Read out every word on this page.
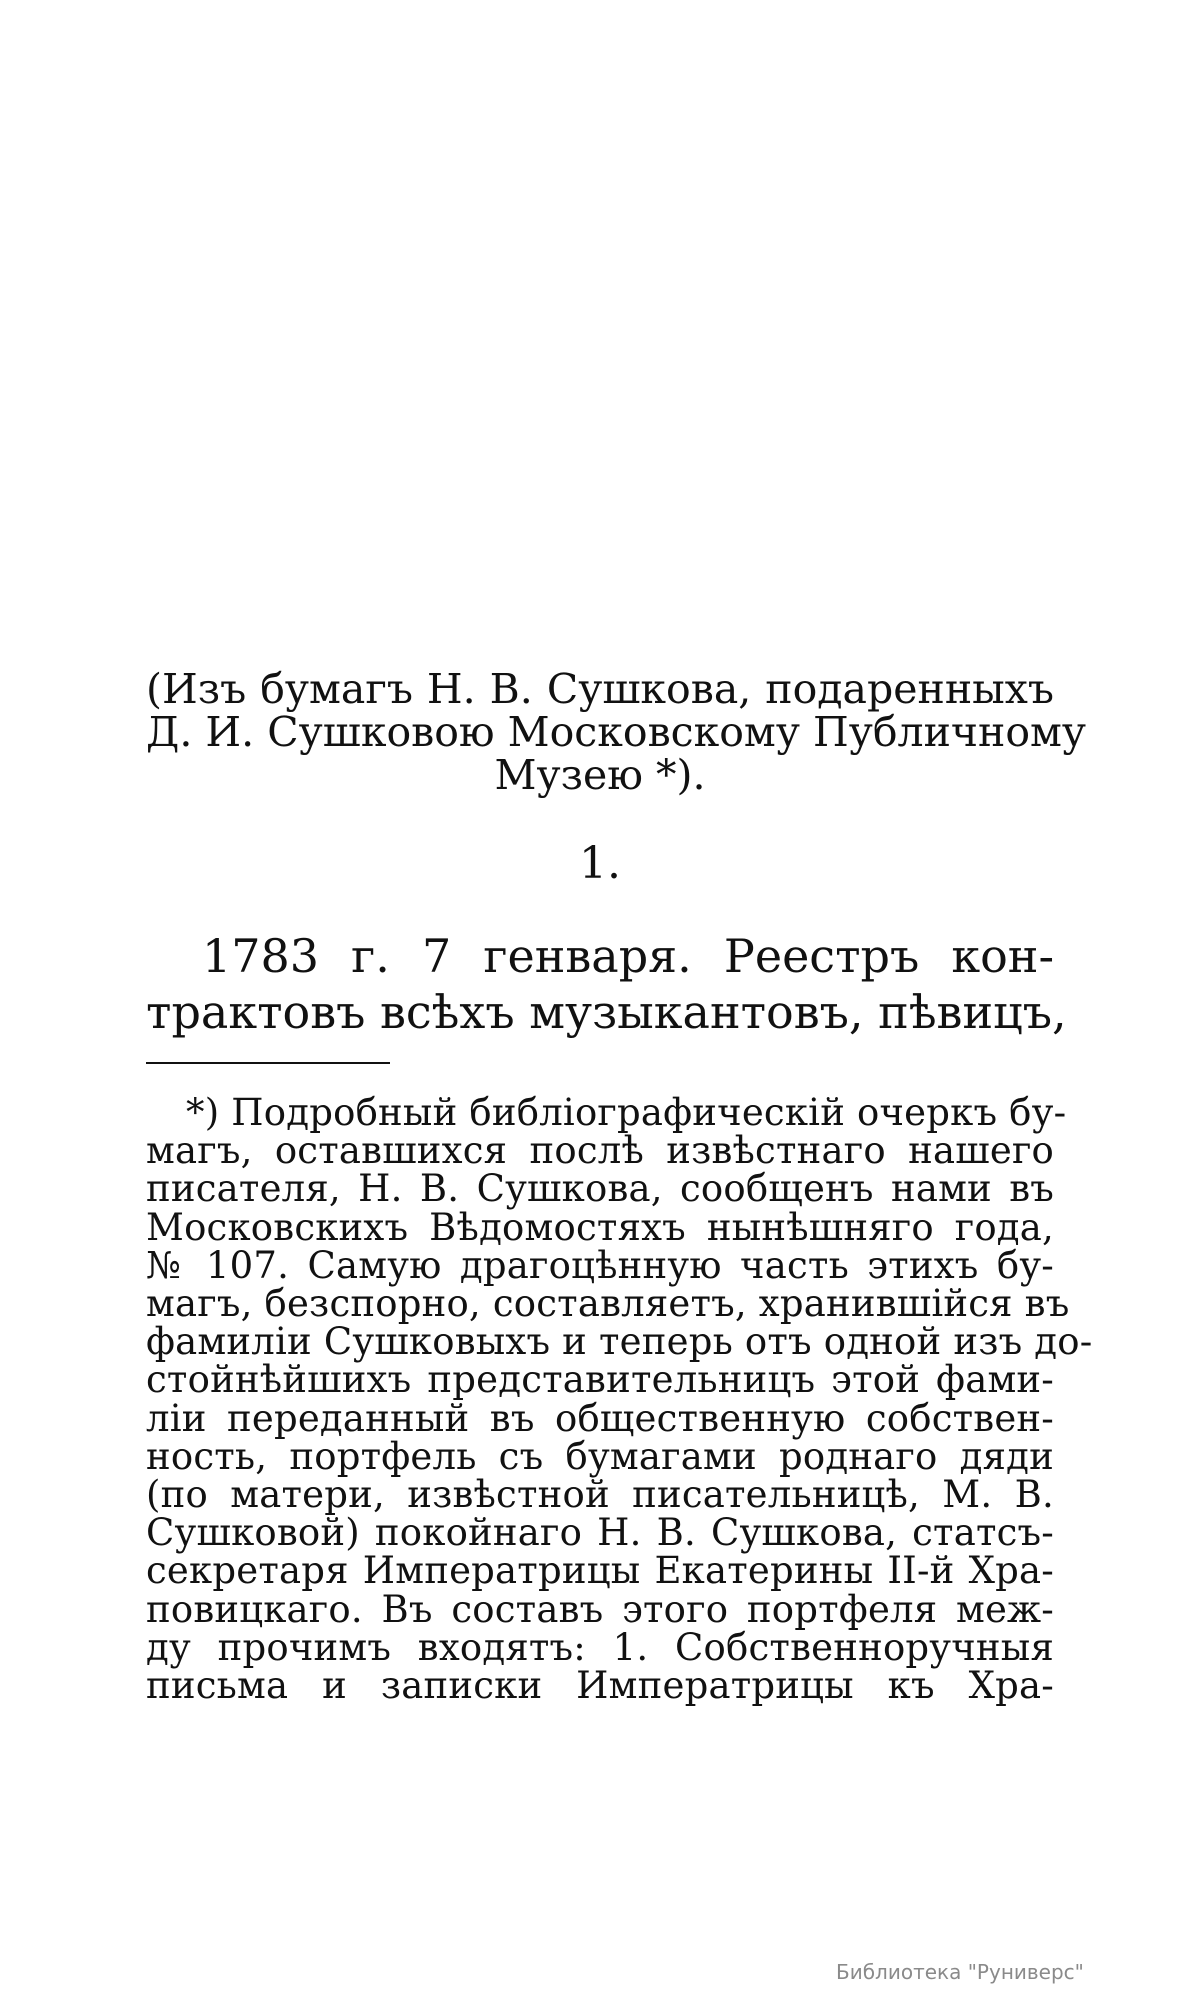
(Изъ бумагъ Н. В. Сушкова, подаренныхъ
Д. И. Сушковою Московскому Публичному
Музею *).
1.
1783 г. 7 генваря. Реестръ кон-
трактовъ всѣхъ музыкантовъ, пѣвицъ,
*) Подробный библіографическій очеркъ бу-
магъ, оставшихся послѣ извѣстнаго нашего
писателя, Н. В. Сушкова, сообщенъ нами въ
Московскихъ Вѣдомостяхъ нынѣшняго года,
№ 107. Самую драгоцѣнную часть этихъ бу-
магъ, безспорно, составляетъ, хранившійся въ
фамиліи Сушковыхъ и теперь отъ одной изъ до-
стойнѣйшихъ представительницъ этой фами-
ліи переданный въ общественную собствен-
ность, портфель съ бумагами роднаго дяди
(по матери, извѣстной писательницѣ, М. В.
Сушковой) покойнаго Н. В. Сушкова, статсъ-
секретаря Императрицы Екатерины II-й Хра-
повицкаго. Въ составъ этого портфеля меж-
ду прочимъ входятъ: 1. Собственноручныя
письма и записки Императрицы къ Хра-
Библиотека "Руниверс"
